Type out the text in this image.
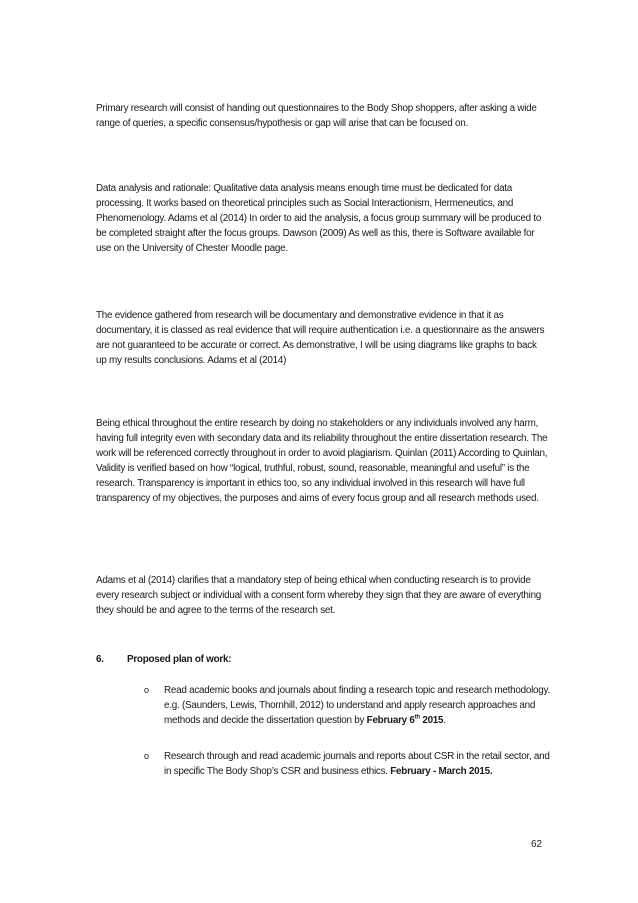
Primary research will consist of handing out questionnaires to the Body Shop shoppers, after asking a wide range of queries, a specific consensus/hypothesis or gap will arise that can be focused on.

Data analysis and rationale: Qualitative data analysis means enough time must be dedicated for data processing. It works based on theoretical principles such as Social Interactionism, Hermeneutics, and Phenomenology. Adams et al (2014) In order to aid the analysis, a focus group summary will be produced to be completed straight after the focus groups. Dawson (2009) As well as this, there is Software available for use on the University of Chester Moodle page.

The evidence gathered from research will be documentary and demonstrative evidence in that it as documentary, it is classed as real evidence that will require authentication i.e. a questionnaire as the answers are not guaranteed to be accurate or correct. As demonstrative, I will be using diagrams like graphs to back up my results conclusions. Adams et al (2014)

Being ethical throughout the entire research by doing no stakeholders or any individuals involved any harm, having full integrity even with secondary data and its reliability throughout the entire dissertation research. The work will be referenced correctly throughout in order to avoid plagiarism. Quinlan (2011) According to Quinlan, Validity is verified based on how “logical, truthful, robust, sound, reasonable, meaningful and useful” is the research. Transparency is important in ethics too, so any individual involved in this research will have full transparency of my objectives, the purposes and aims of every focus group and all research methods used.

Adams et al (2014) clarifies that a mandatory step of being ethical when conducting research is to provide every research subject or individual with a consent form whereby they sign that they are aware of everything they should be and agree to the terms of the research set.

6. Proposed plan of work:
o Read academic books and journals about finding a research topic and research methodology. e.g. (Saunders, Lewis, Thornhill, 2012) to understand and apply research approaches and methods and decide the dissertation question by February 6th 2015.
o Research through and read academic journals and reports about CSR in the retail sector, and in specific The Body Shop’s CSR and business ethics. February - March 2015.
62
